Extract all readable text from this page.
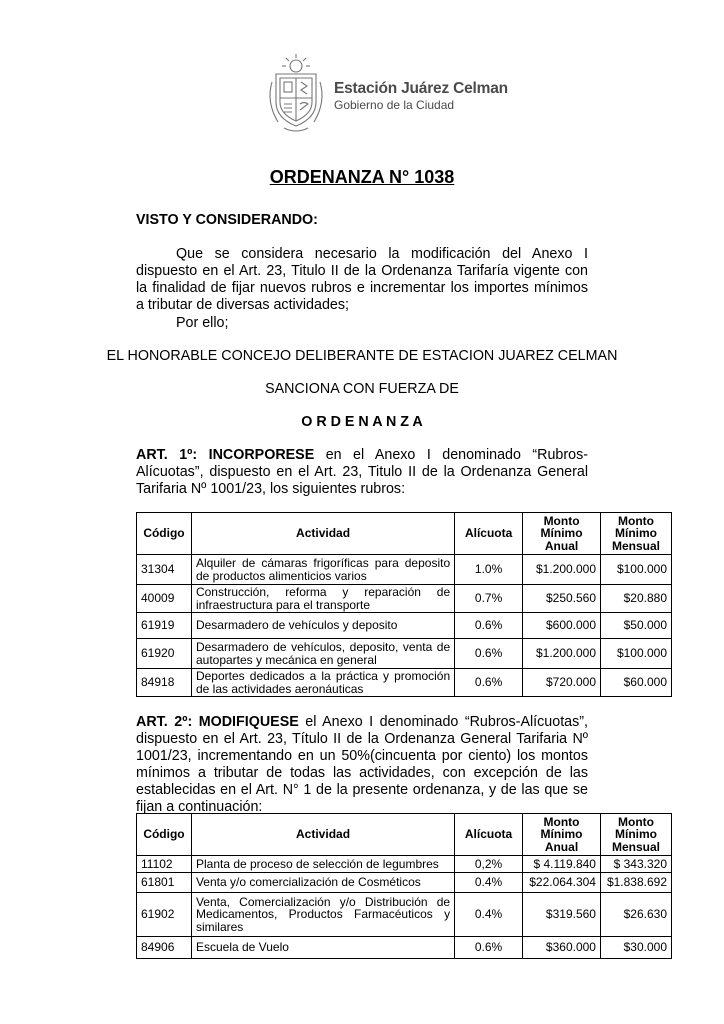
Estación Juárez Celman
Gobierno de la Ciudad
ORDENANZA N° 1038
VISTO Y CONSIDERANDO:
Que se considera necesario la modificación del Anexo I dispuesto en el Art. 23, Titulo II de la Ordenanza Tarifaría vigente con la finalidad de fijar nuevos rubros e incrementar los importes mínimos a tributar de diversas actividades;
Por ello;
EL HONORABLE CONCEJO DELIBERANTE DE ESTACION JUAREZ CELMAN
SANCIONA CON FUERZA DE
O R D E N A N Z A
ART. 1º: INCORPORESE en el Anexo I denominado “Rubros-Alícuotas”, dispuesto en el Art. 23, Titulo II de la Ordenanza General Tarifaria Nº 1001/23, los siguientes rubros:
Código	Actividad	Alícuota	Monto Mínimo Anual	Monto Mínimo Mensual
31304	Alquiler de cámaras frigoríficas para deposito de productos alimenticios varios	1.0%	$1.200.000	$100.000
40009	Construcción, reforma y reparación de infraestructura para el transporte	0.7%	$250.560	$20.880
61919	Desarmadero de vehículos y deposito	0.6%	$600.000	$50.000
61920	Desarmadero de vehículos, deposito, venta de autopartes y mecánica en general	0.6%	$1.200.000	$100.000
84918	Deportes dedicados a la práctica y promoción de las actividades aeronáuticas	0.6%	$720.000	$60.000
ART. 2º: MODIFIQUESE el Anexo I denominado “Rubros-Alícuotas”, dispuesto en el Art. 23, Título II de la Ordenanza General Tarifaria Nº 1001/23, incrementando en un 50%(cincuenta por ciento) los montos mínimos a tributar de todas las actividades, con excepción de las establecidas en el Art. N° 1 de la presente ordenanza, y de las que se fijan a continuación:
Código	Actividad	Alícuota	Monto Mínimo Anual	Monto Mínimo Mensual
11102	Planta de proceso de selección de legumbres	0,2%	$ 4.119.840	$ 343.320
61801	Venta y/o comercialización de Cosméticos	0.4%	$22.064.304	$1.838.692
61902	Venta, Comercialización y/o Distribución de Medicamentos, Productos Farmacéuticos y similares	0.4%	$319.560	$26.630
84906	Escuela de Vuelo	0.6%	$360.000	$30.000
